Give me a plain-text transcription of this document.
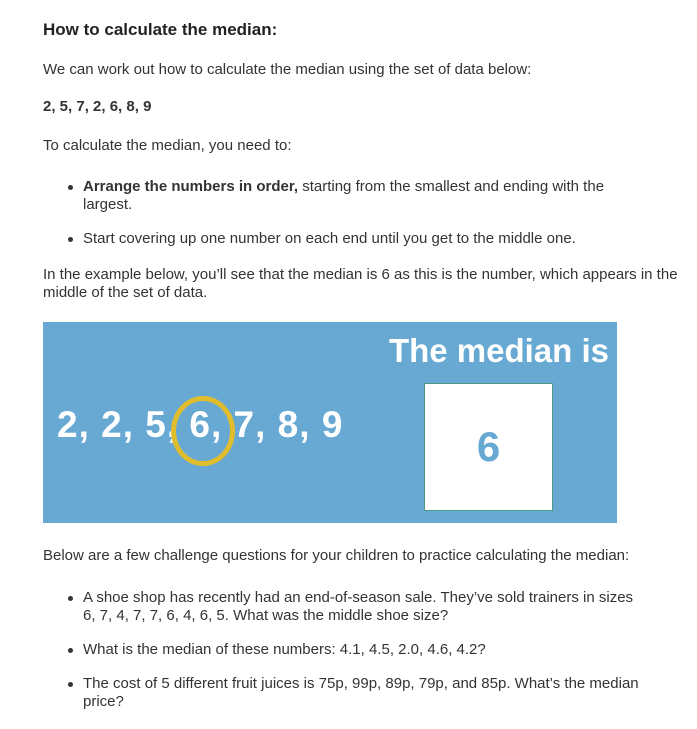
How to calculate the median:

We can work out how to calculate the median using the set of data below:

2, 5, 7, 2, 6, 8, 9

To calculate the median, you need to:

Arrange the numbers in order, starting from the smallest and ending with the largest.
Start covering up one number on each end until you get to the middle one.

In the example below, you’ll see that the median is 6 as this is the number, which appears in the middle of the set of data.

2, 2, 5, 6, 7, 8, 9
The median is
6

Below are a few challenge questions for your children to practice calculating the median:

A shoe shop has recently had an end-of-season sale. They’ve sold trainers in sizes 6, 7, 4, 7, 7, 6, 4, 6, 5. What was the middle shoe size?
What is the median of these numbers: 4.1, 4.5, 2.0, 4.6, 4.2?
The cost of 5 different fruit juices is 75p, 99p, 89p, 79p, and 85p. What’s the median price?
